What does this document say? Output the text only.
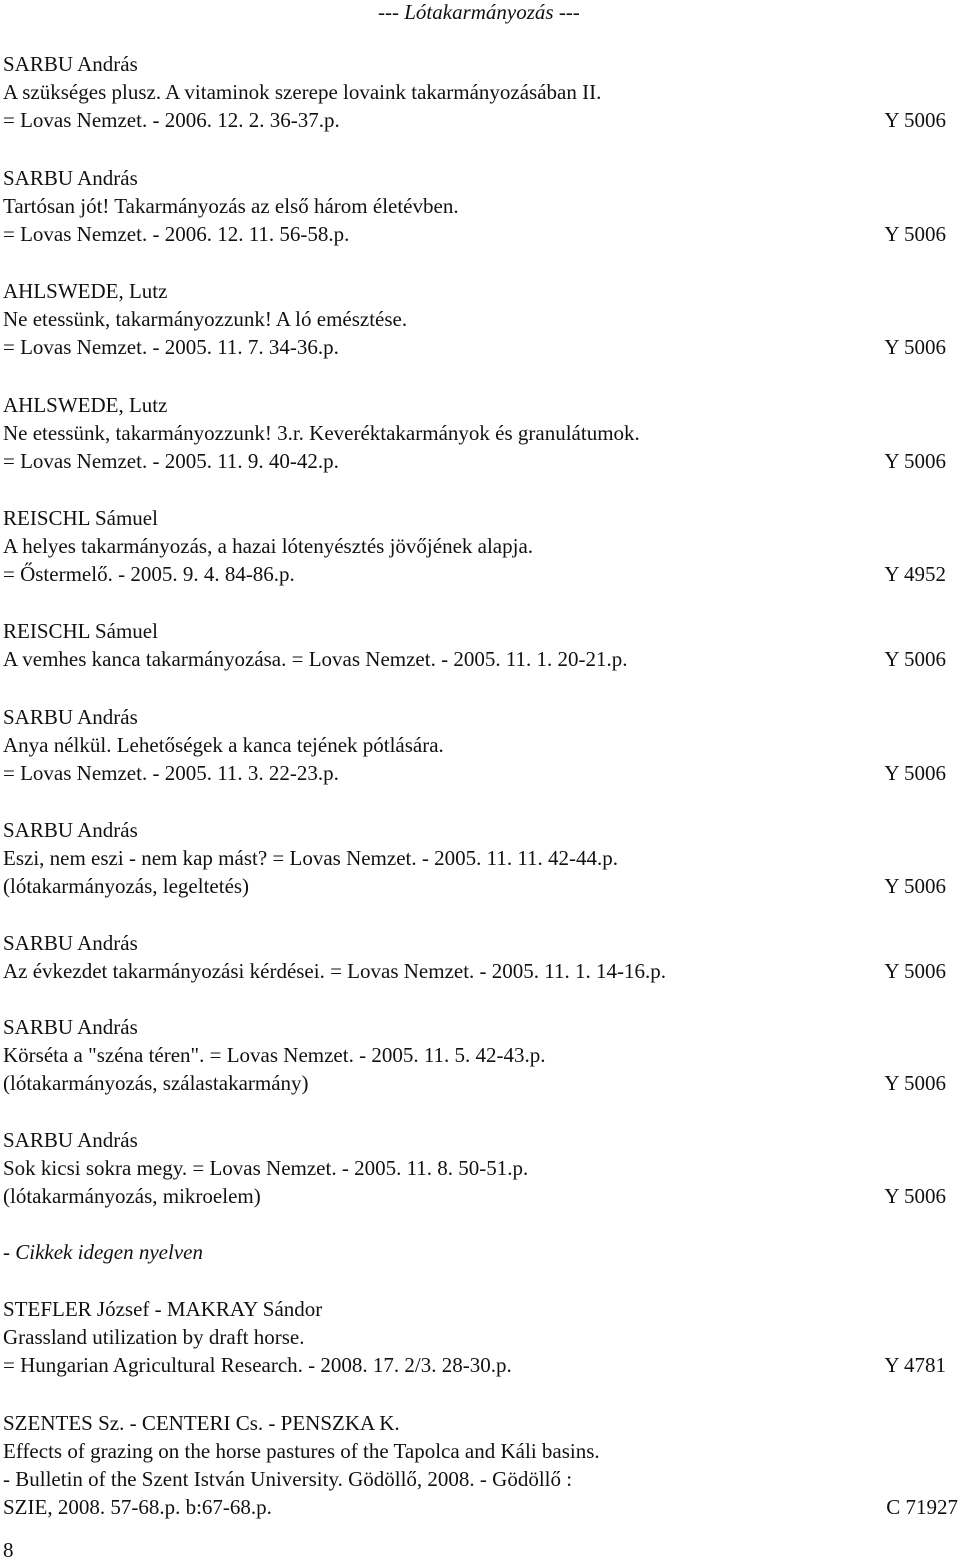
--- Lótakarmányozás ---
SARBU András
A szükséges plusz. A vitaminok szerepe lovaink takarmányozásában II.
= Lovas Nemzet. - 2006. 12. 2. 36-37.p.	Y 5006
SARBU András
Tartósan jót! Takarmányozás az első három életévben.
= Lovas Nemzet. - 2006. 12. 11. 56-58.p.	Y 5006
AHLSWEDE, Lutz
Ne etessünk, takarmányozzunk! A ló emésztése.
= Lovas Nemzet. - 2005. 11. 7. 34-36.p.	Y 5006
AHLSWEDE, Lutz
Ne etessünk, takarmányozzunk! 3.r. Keveréktakarmányok és granulátumok.
= Lovas Nemzet. - 2005. 11. 9. 40-42.p.	Y 5006
REISCHL Sámuel
A helyes takarmányozás, a hazai lótenyésztés jövőjének alapja.
= Őstermelő. - 2005. 9. 4. 84-86.p.	Y 4952
REISCHL Sámuel
A vemhes kanca takarmányozása. = Lovas Nemzet. - 2005. 11. 1. 20-21.p.	Y 5006
SARBU András
Anya nélkül. Lehetőségek a kanca tejének pótlására.
= Lovas Nemzet. - 2005. 11. 3. 22-23.p.	Y 5006
SARBU András
Eszi, nem eszi - nem kap mást? = Lovas Nemzet. - 2005. 11. 11. 42-44.p.
(lótakarmányozás, legeltetés)	Y 5006
SARBU András
Az évkezdet takarmányozási kérdései. = Lovas Nemzet. - 2005. 11. 1. 14-16.p.	Y 5006
SARBU András
Körséta a "széna téren". = Lovas Nemzet. - 2005. 11. 5. 42-43.p.
(lótakarmányozás, szálastakarmány)	Y 5006
SARBU András
Sok kicsi sokra megy. = Lovas Nemzet. - 2005. 11. 8. 50-51.p.
(lótakarmányozás, mikroelem)	Y 5006
- Cikkek idegen nyelven
STEFLER József - MAKRAY Sándor
Grassland utilization by draft horse.
= Hungarian Agricultural Research. - 2008. 17. 2/3. 28-30.p.	Y 4781
SZENTES Sz. - CENTERI Cs. - PENSZKA K.
Effects of grazing on the horse pastures of the Tapolca and Káli basins.
- Bulletin of the Szent István University. Gödöllő, 2008. - Gödöllő :
SZIE, 2008. 57-68.p. b:67-68.p.	C 71927
8
